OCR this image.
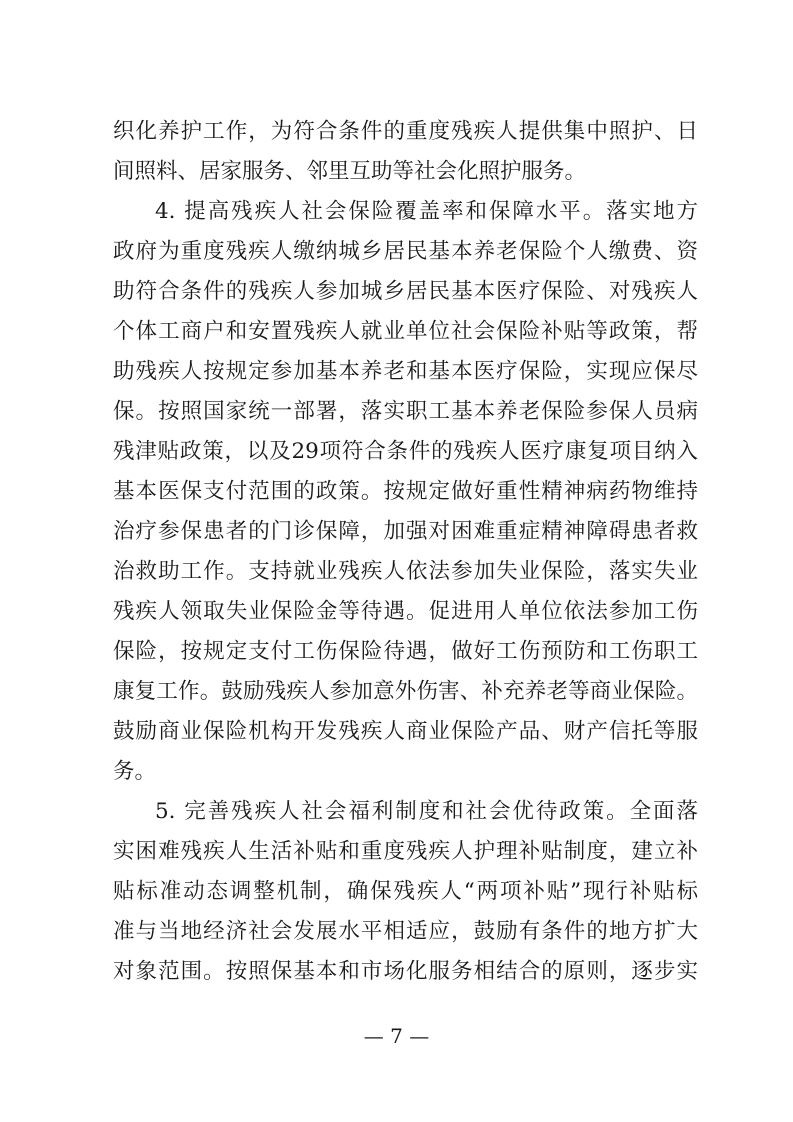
织化养护工作，为符合条件的重度残疾人提供集中照护、日
间照料、居家服务、邻里互助等社会化照护服务。
4. 提高残疾人社会保险覆盖率和保障水平。落实地方
政府为重度残疾人缴纳城乡居民基本养老保险个人缴费、资
助符合条件的残疾人参加城乡居民基本医疗保险、对残疾人
个体工商户和安置残疾人就业单位社会保险补贴等政策，帮
助残疾人按规定参加基本养老和基本医疗保险，实现应保尽
保。按照国家统一部署，落实职工基本养老保险参保人员病
残津贴政策，以及29项符合条件的残疾人医疗康复项目纳入
基本医保支付范围的政策。按规定做好重性精神病药物维持
治疗参保患者的门诊保障，加强对困难重症精神障碍患者救
治救助工作。支持就业残疾人依法参加失业保险，落实失业
残疾人领取失业保险金等待遇。促进用人单位依法参加工伤
保险，按规定支付工伤保险待遇，做好工伤预防和工伤职工
康复工作。鼓励残疾人参加意外伤害、补充养老等商业保险。
鼓励商业保险机构开发残疾人商业保险产品、财产信托等服
务。
5. 完善残疾人社会福利制度和社会优待政策。全面落
实困难残疾人生活补贴和重度残疾人护理补贴制度，建立补
贴标准动态调整机制，确保残疾人“两项补贴”现行补贴标
准与当地经济社会发展水平相适应，鼓励有条件的地方扩大
对象范围。按照保基本和市场化服务相结合的原则，逐步实
— 7 —
